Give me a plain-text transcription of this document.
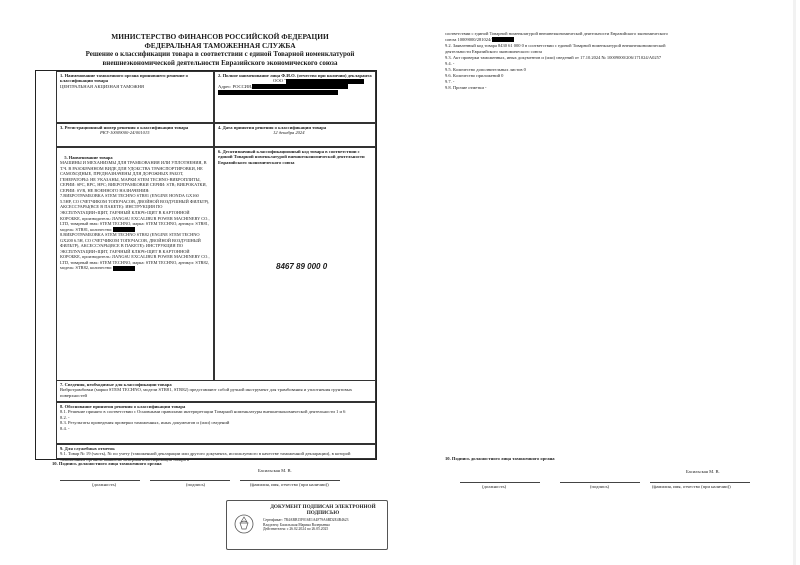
МИНИСТЕРСТВО ФИНАНСОВ РОССИЙСКОЙ ФЕДЕРАЦИИ
ФЕДЕРАЛЬНАЯ ТАМОЖЕННАЯ СЛУЖБА
Решение о классификации товара в соответствии с единой Товарной номенклатурой
внешнеэкономической деятельности Евразийского экономического союза
1. Наименование таможенного органа принявшего решение о классификации товара
ЦЕНТРАЛЬНАЯ АКЦИЗНАЯ ТАМОЖНЯ
2. Полное наименование лица Ф.И.О. (отчество при наличии) декларанта
ООО "
Адрес: РОССИЯ,

3. Регистрационный номер решения о классификации товара
РКТ-10009000-24/001015
4. Дата принятия решения о классификации товара
12 декабря 2024

5. Наименование товара
МАШИНЫ И МЕХАНИЗМЫ ДЛЯ ТРАМБОВАНИЯ ИЛИ УПЛОТНЕНИЯ, В Т.Ч. В РАЗОБРАННОМ ВИДЕ ДЛЯ УДОБСТВА ТРАНСПОРТИРОВКИ, НЕ САМОХОДНЫЕ, ПРЕДНАЗНАЧЕНЫ ДЛЯ ДОРОЖНЫХ РАБОТ, ГЕНЕРАТОРЫ: НЕ УКАЗАНЫ, МАРКИ STEM TECHNO-ВИБРОПЛИТЫ, СЕРИИ: SPC, RPC, HPC; ВИБРОТРАМБОВКИ СЕРИИ: STR; ВИБРОКАТКИ, СЕРИИ: SVR, НЕ ВОЕННОГО НАЗНАЧЕНИЯ:
7.ВИБРОТРАМБОВКА STEM TECHNO STR81 (ENGINE HONDA GX160 5.5HP, СО СЧЕТЧИКОМ ТОПОЧАСОВ, ДВОЙНОЙ ВОЗДУШНЫЙ ФИЛЬТР), АКСЕССУАРЫ(ВСЕ В ПАКЕТЕ): ИНСТРУКЦИЯ ПО ЭКСПЛУАТАЦИИ+ЩИТ, ГАЕЧНЫЙ КЛЮЧ+ЩИТ В КАРТОННОЙ КОРОБКЕ, производитель: JIANGSU EXCALIBUR POWER MACHINERY CO., LTD, товарный знак: STEM TECHNO, марка: STEM TECHNO, артикул: STR81, модель: STR81, количество:
8.ВИБРОТРАМБОВКА STEM TECHNO STR82 (ENGINE STEM TECHNO GX200 6.5H, СО СЧЕТЧИКОМ ТОПОЧАСОВ, ДВОЙНОЙ ВОЗДУШНЫЙ ФИЛЬТР), АКСЕССУАРЫ(ВСЕ В ПАКЕТЕ): ИНСТРУКЦИЯ ПО ЭКСПЛУАТАЦИИ+ЩИТ, ГАЕЧНЫЙ КЛЮЧ+ЩИТ В КАРТОННОЙ КОРОБКЕ, производитель: JIANGSU EXCALIBUR POWER MACHINERY CO., LTD, товарный знак: STEM TECHNO, марка: STEM TECHNO, артикул: STR82, модель: STR82, количество:

6. Десятизначный классификационный код товара в соответствии с единой Товарной номенклатурой внешнеэкономической деятельности Евразийского экономического союза
8467 89 000 0
7. Сведения, необходимые для классификации товара
Вибротрамбовки (марки STEM TECHNO, модели STR81, STR82) представляют собой ручной инструмент для трамбования и уплотнения грунтовых поверхностей
8. Обоснование принятия решения о классификации товара
8.1. Решение принято в соответствии с Основными правилами интерпретации Товарной номенклатуры внешнеэкономической деятельности 1 и 6
8.2. -
8.3. Результаты проведения проверки таможенных, иных документов и (или) сведений
8.4. -
9. Для служебных отметок
9.1. Товар № 19 (часть), № по учету (таможенной декларации или другого документа, используемого в качестве таможенной декларации), в которой таможенным органом выявлено неверная классификация товара в
соответствии с единой Товарной номенклатурой внешнеэкономической деятельности Евразийского экономического
союза 10009000/281024/
9.2. Заявленный код товара 8430 61 000 0 в соответствии с единой Товарной номенклатурой внешнеэкономической
деятельности Евразийского экономического союза
9.3. Акт проверки таможенных, иных документов и (или) сведений от 17.10.2024 № 10009000/206/171024/A0257
9.4. -
9.5. Количество дополнительных листов 0
9.6. Количество приложений 0
9.7. -
9.8. Прочие отметки -
10. Подпись должностного лица таможенного органа
Басильская М. В.
(должность)	(подпись)	(фамилия, имя, отчество (при наличии))
10. Подпись должностного лица таможенного органа
Басильская М. В.
(должность)	(подпись)	(фамилия, имя, отчество (при наличии))
ДОКУМЕНТ ПОДПИСАН ЭЛЕКТРОННОЙ
ПОДПИСЬЮ
Сертификат: 7B4ABB15F016E1A4F79A6BD2E4B4623
Владелец: Басильская Марина Валерьевна
Действителен: с 26.02.2024 по 26.05.2025
